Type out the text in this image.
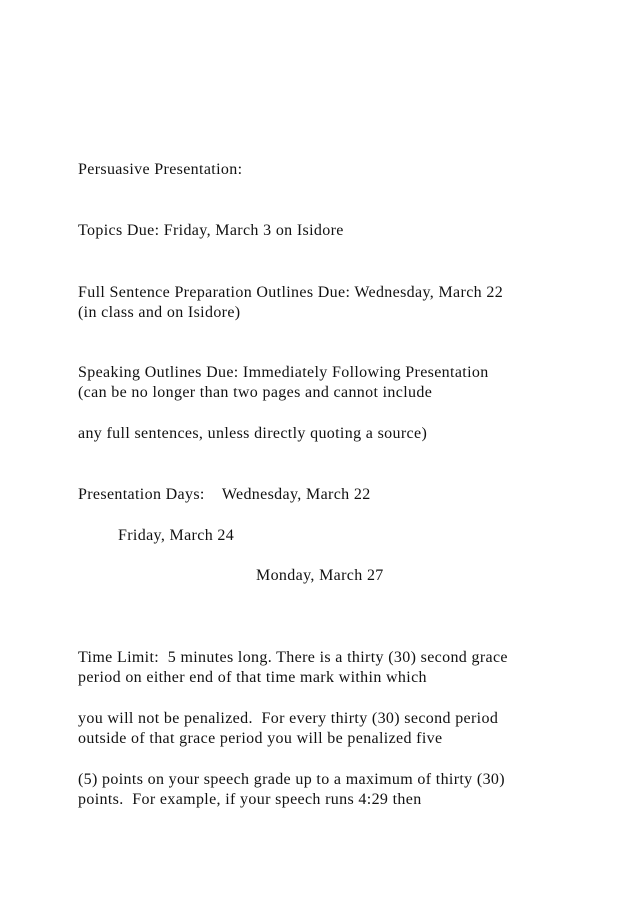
Persuasive Presentation:
Topics Due: Friday, March 3 on Isidore
Full Sentence Preparation Outlines Due: Wednesday, March 22
(in class and on Isidore)
Speaking Outlines Due: Immediately Following Presentation
(can be no longer than two pages and cannot include
any full sentences, unless directly quoting a source)
Presentation Days:    Wednesday, March 22
Friday, March 24
Monday, March 27
Time Limit:  5 minutes long. There is a thirty (30) second grace
period on either end of that time mark within which
you will not be penalized.  For every thirty (30) second period
outside of that grace period you will be penalized five
(5) points on your speech grade up to a maximum of thirty (30)
points.  For example, if your speech runs 4:29 then
